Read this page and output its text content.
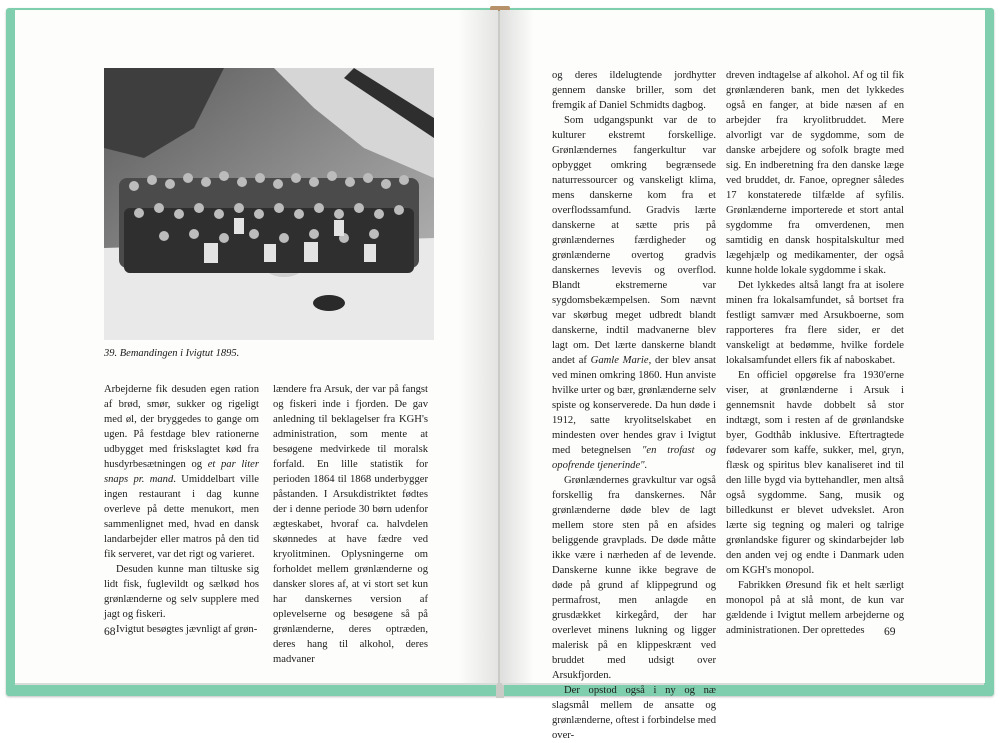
39. Bemandingen i Ivigtut 1895.

Arbejderne fik desuden egen ration af brød, smør, sukker og rigeligt med øl, der bryggedes to gange om ugen. På festdage blev rationerne udbygget med friskslagtet kød fra husdyrbesætningen og et par liter snaps pr. mand. Umiddelbart ville ingen restaurant i dag kunne overleve på dette menukort, men sammenlignet med, hvad en dansk landarbejder eller matros på den tid fik serveret, var det rigt og varieret.

Desuden kunne man tiltuske sig lidt fisk, fuglevildt og sælkød hos grønlænderne og selv supplere med jagt og fiskeri.

Ivigtut besøgtes jævnligt af grøn-

lændere fra Arsuk, der var på fangst og fiskeri inde i fjorden. De gav anledning til beklagelser fra KGH's administration, som mente at besøgene medvirkede til moralsk forfald. En lille statistik for perioden 1864 til 1868 underbygger påstanden. I Arsukdistriktet fødtes der i denne periode 30 børn udenfor ægteskabet, hvoraf ca. halvdelen skønnedes at have fædre ved kryolitminen. Oplysningerne om forholdet mellem grønlænderne og dansker slores af, at vi stort set kun har danskernes version af oplevelserne og besøgene så på grønlænderne, deres optræden, deres hang til alkohol, deres madvaner

68

og deres ildelugtende jordhytter gennem danske briller, som det fremgik af Daniel Schmidts dagbog.

Som udgangspunkt var de to kulturer ekstremt forskellige. Grønlændernes fangerkultur var opbygget omkring begrænsede naturressourcer og vanskeligt klima, mens danskerne kom fra et overflodssamfund. Gradvis lærte danskerne at sætte pris på grønlændernes færdigheder og grønlænderne overtog gradvis danskernes levevis og overflod. Blandt ekstremerne var sygdomsbekæmpelsen. Som nævnt var skørbug meget udbredt blandt danskerne, indtil madvanerne blev lagt om. Det lærte danskerne blandt andet af Gamle Marie, der blev ansat ved minen omkring 1860. Hun anviste hvilke urter og bær, grønlænderne selv spiste og konserverede. Da hun døde i 1912, satte kryolitselskabet en mindesten over hendes grav i Ivigtut med betegnelsen "en trofast og opofrende tjenerinde".

Grønlændernes gravkultur var også forskellig fra danskernes. Når grønlænderne døde blev de lagt mellem store sten på en afsides beliggende gravplads. De døde måtte ikke være i nærheden af de levende. Danskerne kunne ikke begrave de døde på grund af klippegrund og permafrost, men anlagde en grusdækket kirkegård, der har overlevet minens lukning og ligger malerisk på en klippeskrænt ved bruddet med udsigt over Arsukfjorden.

Der opstod også i ny og næ slagsmål mellem de ansatte og grønlænderne, oftest i forbindelse med over-

dreven indtagelse af alkohol. Af og til fik grønlænderen bank, men det lykkedes også en fanger, at bide næsen af en arbejder fra kryolitbruddet. Mere alvorligt var de sygdomme, som de danske arbejdere og sofolk bragte med sig. En indberetning fra den danske læge ved bruddet, dr. Fanoe, opregner således 17 konstaterede tilfælde af syfilis. Grønlænderne importerede et stort antal sygdomme fra omverdenen, men samtidig en dansk hospitalskultur med lægehjælp og medikamenter, der også kunne holde lokale sygdomme i skak.

Det lykkedes altså langt fra at isolere minen fra lokalsamfundet, så bortset fra festligt samvær med Arsukboerne, som rapporteres fra flere sider, er det vanskeligt at bedømme, hvilke fordele lokalsamfundet ellers fik af naboskabet.

En officiel opgørelse fra 1930'erne viser, at grønlænderne i Arsuk i gennemsnit havde dobbelt så stor indtægt, som i resten af de grønlandske byer, Godthåb inklusive. Eftertragtede fødevarer som kaffe, sukker, mel, gryn, flæsk og spiritus blev kanaliseret ind til den lille bygd via byttehandler, men altså også sygdomme. Sang, musik og billedkunst er blevet udvekslet. Aron lærte sig tegning og maleri og talrige grønlandske figurer og skindarbejder løb den anden vej og endte i Danmark uden om KGH's monopol.

Fabrikken Øresund fik et helt særligt monopol på at slå mont, de kun var gældende i Ivigtut mellem arbejderne og administrationen. Der oprettedes	69
